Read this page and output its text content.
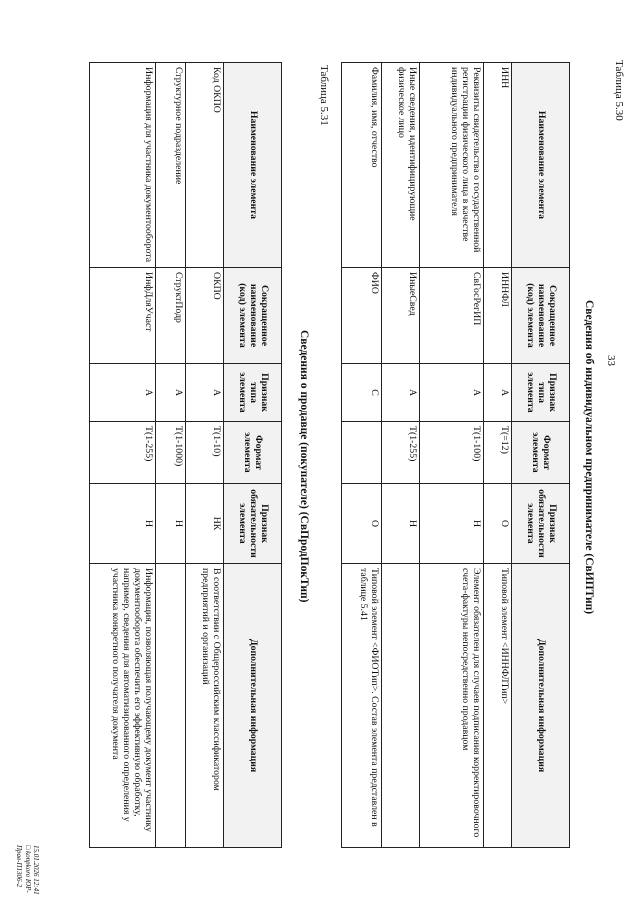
33
Таблица 5.30
Сведения об индивидуальном предпринимателе (СвИПТип)
Наименование элемента	Сокращенное наименование (код) элемента	Признак типа элемента	Формат элемента	Признак обязательности элемента	Дополнительная информация
ИНН	ИННФЛ	А	Т(=12)	О	Типовой элемент <ИННФЛТип>
Реквизиты свидетельства о государственной регистрации физического лица в качестве индивидуального предпринимателя	СвГосРегИП	А	Т(1-100)	Н	Элемент обязателен для случаев подписания корректировочного счета-фактуры непосредственно продавцом
Иные сведения, идентифицирующие физическое лицо	ИныеСвед	А	Т(1-255)	Н	
Фамилия, имя, отчество	ФИО	С		О	Типовой элемент <ФИОТип>. Состав элемента представлен в таблице 5.41
Таблица 5.31
Сведения о продавце (покупателе) (СвПродПокТип)
Наименование элемента	Сокращенное наименование (код) элемента	Признак типа элемента	Формат элемента	Признак обязательности элемента	Дополнительная информация
Код ОКПО	ОКПО	А	Т(1-10)	НК	В соответствии с Общероссийским классификатором предприятий и организаций
Структурное подразделение	СтруктПодр	А	Т(1-1000)	Н	
Информация для участника документооборота	ИнфДляУчаст	А	Т(1-255)	Н	Информация, позволяющая получающему документ участнику документооборота обеспечить его эффективную обработку, например, сведения для автоматизированного определения у участника конкретного получателя документа
15.01.2026 12:41
□ konpkoro ЮР-Прав-П1306-2
